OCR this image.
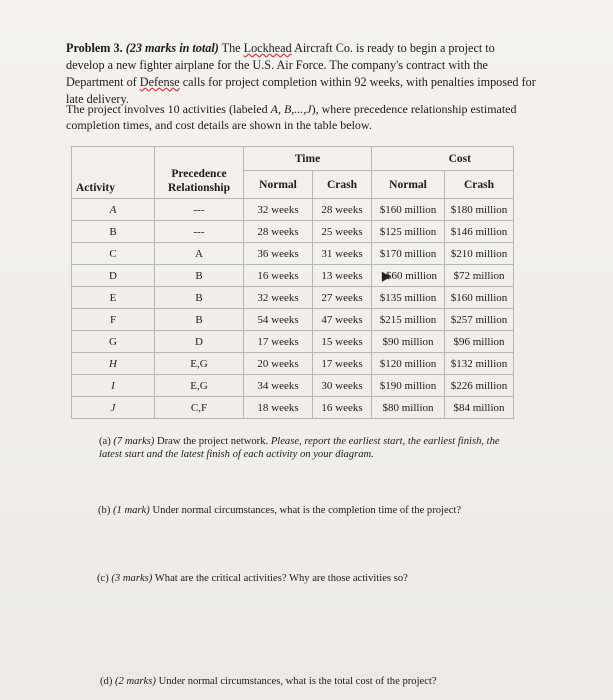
Problem 3. (23 marks in total) The Lockhead Aircraft Co. is ready to begin a project to develop a new fighter airplane for the U.S. Air Force. The company's contract with the Department of Defense calls for project completion within 92 weeks, with penalties imposed for late delivery.
The project involves 10 activities (labeled A, B,...,J), where precedence relationship estimated completion times, and cost details are shown in the table below.
Activity	Precedence Relationship	Time		Cost	
		Normal	Crash	Normal	Crash
A	---	32 weeks	28 weeks	$160 million	$180 million
B	---	28 weeks	25 weeks	$125 million	$146 million
C	A	36 weeks	31 weeks	$170 million	$210 million
D	B	16 weeks	13 weeks	$60 million	$72 million
E	B	32 weeks	27 weeks	$135 million	$160 million
F	B	54 weeks	47 weeks	$215 million	$257 million
G	D	17 weeks	15 weeks	$90 million	$96 million
H	E,G	20 weeks	17 weeks	$120 million	$132 million
I	E,G	34 weeks	30 weeks	$190 million	$226 million
J	C,F	18 weeks	16 weeks	$80 million	$84 million
(a) (7 marks) Draw the project network. Please, report the earliest start, the earliest finish, the latest start and the latest finish of each activity on your diagram.
(b) (1 mark) Under normal circumstances, what is the completion time of the project?
(c) (3 marks) What are the critical activities? Why are those activities so?
(d) (2 marks) Under normal circumstances, what is the total cost of the project?
